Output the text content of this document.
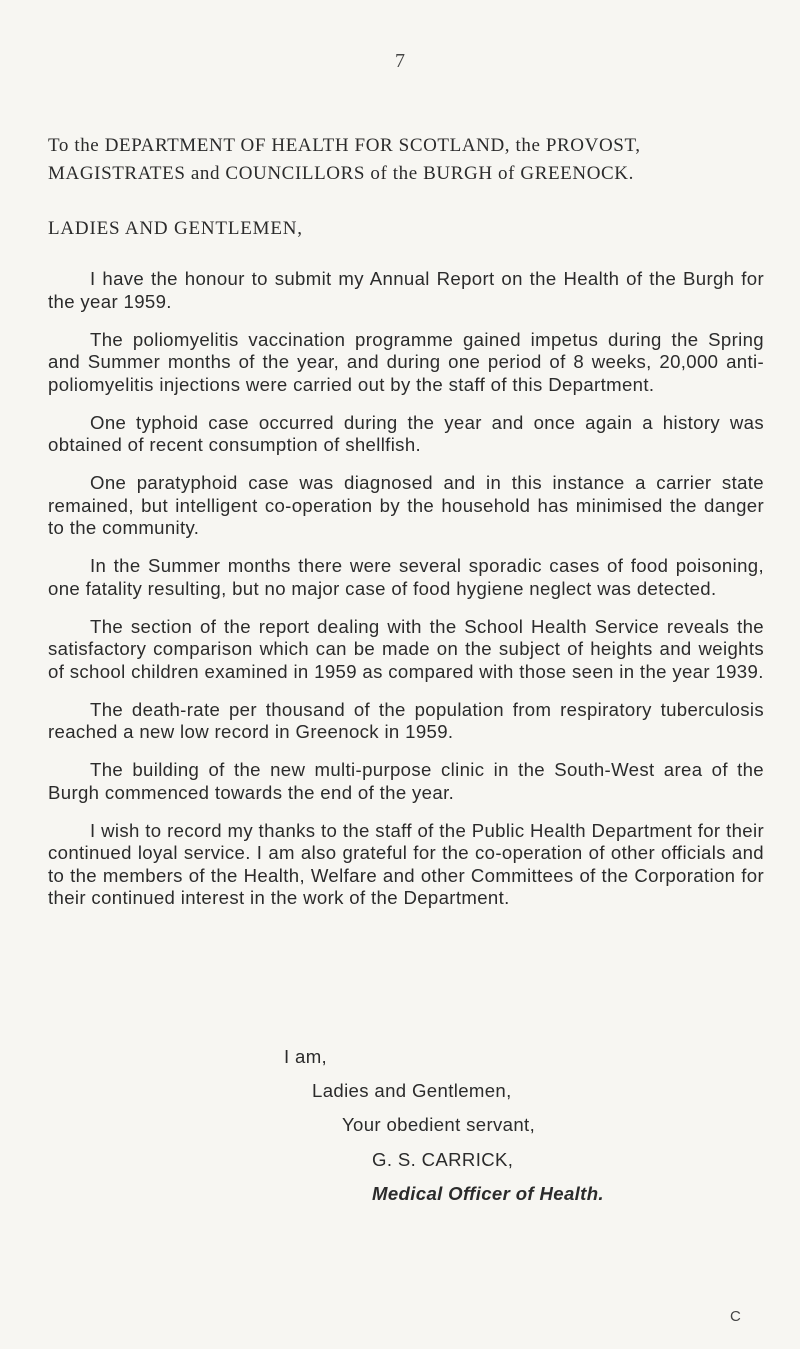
7
To the DEPARTMENT OF HEALTH FOR SCOTLAND, the PROVOST,
MAGISTRATES and COUNCILLORS of the BURGH of GREENOCK.
LADIES AND GENTLEMEN,

I have the honour to submit my Annual Report on the Health of the Burgh for the year 1959.

The poliomyelitis vaccination programme gained impetus during the Spring and Summer months of the year, and during one period of 8 weeks, 20,000 anti-poliomyelitis injections were carried out by the staff of this Department.

One typhoid case occurred during the year and once again a history was obtained of recent consumption of shellfish.

One paratyphoid case was diagnosed and in this instance a carrier state remained, but intelligent co-operation by the household has minimised the danger to the community.

In the Summer months there were several sporadic cases of food poisoning, one fatality resulting, but no major case of food hygiene neglect was detected.

The section of the report dealing with the School Health Service reveals the satisfactory comparison which can be made on the subject of heights and weights of school children examined in 1959 as compared with those seen in the year 1939.

The death-rate per thousand of the population from respiratory tuberculosis reached a new low record in Greenock in 1959.

The building of the new multi-purpose clinic in the South-West area of the Burgh commenced towards the end of the year.

I wish to record my thanks to the staff of the Public Health Department for their continued loyal service. I am also grateful for the co-operation of other officials and to the members of the Health, Welfare and other Committees of the Corporation for their continued interest in the work of the Department.

I am,
Ladies and Gentlemen,
Your obedient servant,
G. S. CARRICK,
Medical Officer of Health.
C
